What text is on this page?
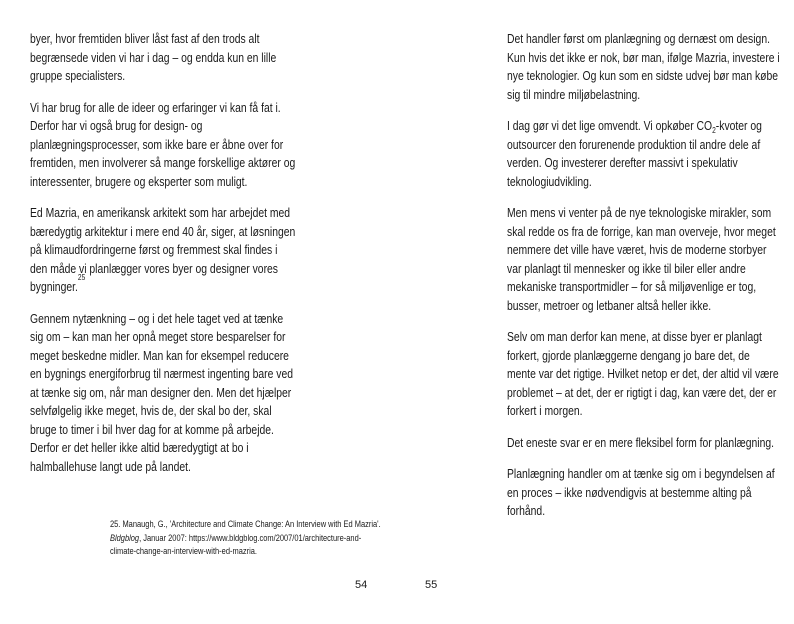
byer, hvor fremtiden bliver låst fast af den trods alt begrænsede viden vi har i dag – og endda kun en lille gruppe specialisters.

Vi har brug for alle de ideer og erfaringer vi kan få fat i. Derfor har vi også brug for design- og planlægningsprocesser, som ikke bare er åbne over for fremtiden, men involverer så mange forskellige aktører og interessenter, brugere og eksperter som muligt.

Ed Mazria, en amerikansk arkitekt som har arbejdet med bæredygtig arkitektur i mere end 40 år, siger, at løsningen på klimaudfordringerne først og fremmest skal findes i den måde vi planlægger vores byer og designer vores bygninger.$^{25}$

Gennem nytænkning – og i det hele taget ved at tænke sig om – kan man her opnå meget store besparelser for meget beskedne midler. Man kan for eksempel reducere en bygnings energiforbrug til nærmest ingenting bare ved at tænke sig om, når man designer den. Men det hjælper selvfølgelig ikke meget, hvis de, der skal bo der, skal bruge to timer i bil hver dag for at komme på arbejde. Derfor er det heller ikke altid bæredygtigt at bo i halmballehuse langt ude på landet.

25. Manaugh, G., 'Architecture and Climate Change: An Interview with Ed Mazria'. Bldgblog, Januar 2007: https://www.bldgblog.com/2007/01/architecture-and-climate-change-an-interview-with-ed-mazria.
54

Det handler først om planlægning og dernæst om design. Kun hvis det ikke er nok, bør man, ifølge Mazria, investere i nye teknologier. Og kun som en sidste udvej bør man købe sig til mindre miljøbelastning.

I dag gør vi det lige omvendt. Vi opkøber $CO_2$-kvoter og outsourcer den forurenende produktion til andre dele af verden. Og investerer derefter massivt i spekulativ teknologiudvikling.

Men mens vi venter på de nye teknologiske mirakler, som skal redde os fra de forrige, kan man overveje, hvor meget nemmere det ville have været, hvis de moderne storbyer var planlagt til mennesker og ikke til biler eller andre mekaniske transportmidler – for så miljøvenlige er tog, busser, metroer og letbaner altså heller ikke.

Selv om man derfor kan mene, at disse byer er planlagt forkert, gjorde planlæggerne dengang jo bare det, de mente var det rigtige. Hvilket netop er det, der altid vil være problemet – at det, der er rigtigt i dag, kan være det, der er forkert i morgen.

Det eneste svar er en mere fleksibel form for planlægning.

Planlægning handler om at tænke sig om i begyndelsen af en proces – ikke nødvendigvis at bestemme alting på forhånd.

55
